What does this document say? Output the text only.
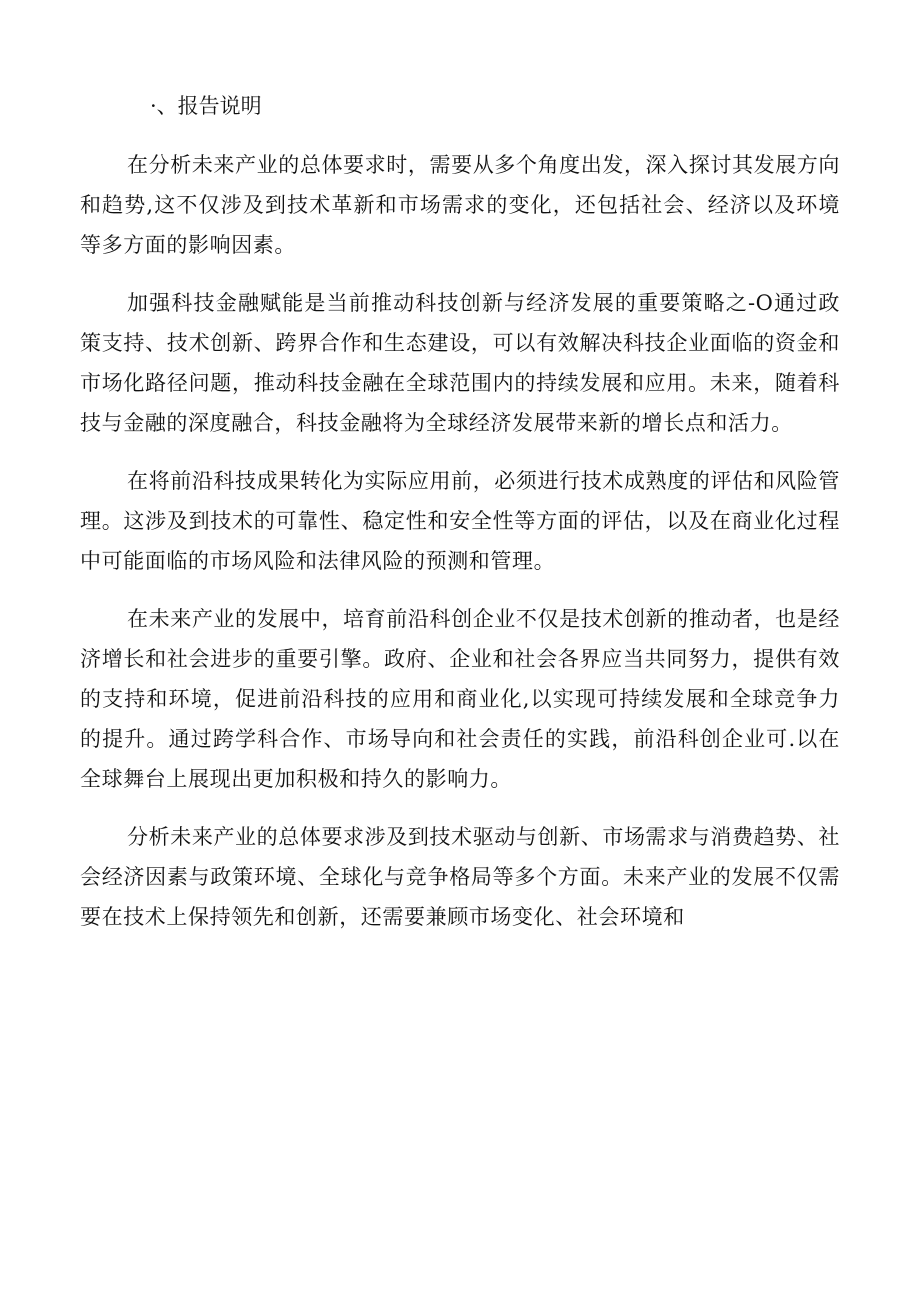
·、报告说明

在分析未来产业的总体要求时，需要从多个角度出发，深入探讨其发展方向和趋势,这不仅涉及到技术革新和市场需求的变化，还包括社会、经济以及环境等多方面的影响因素。

加强科技金融赋能是当前推动科技创新与经济发展的重要策略之-O通过政策支持、技术创新、跨界合作和生态建设，可以有效解决科技企业面临的资金和市场化路径问题，推动科技金融在全球范围内的持续发展和应用。未来，随着科技与金融的深度融合，科技金融将为全球经济发展带来新的增长点和活力。

在将前沿科技成果转化为实际应用前，必须进行技术成熟度的评估和风险管理。这涉及到技术的可靠性、稳定性和安全性等方面的评估，以及在商业化过程中可能面临的市场风险和法律风险的预测和管理。

在未来产业的发展中，培育前沿科创企业不仅是技术创新的推动者，也是经济增长和社会进步的重要引擎。政府、企业和社会各界应当共同努力，提供有效的支持和环境，促进前沿科技的应用和商业化,以实现可持续发展和全球竞争力的提升。通过跨学科合作、市场导向和社会责任的实践，前沿科创企业可.以在全球舞台上展现出更加积极和持久的影响力。

分析未来产业的总体要求涉及到技术驱动与创新、市场需求与消费趋势、社会经济因素与政策环境、全球化与竞争格局等多个方面。未来产业的发展不仅需要在技术上保持领先和创新，还需要兼顾市场变化、社会环境和
